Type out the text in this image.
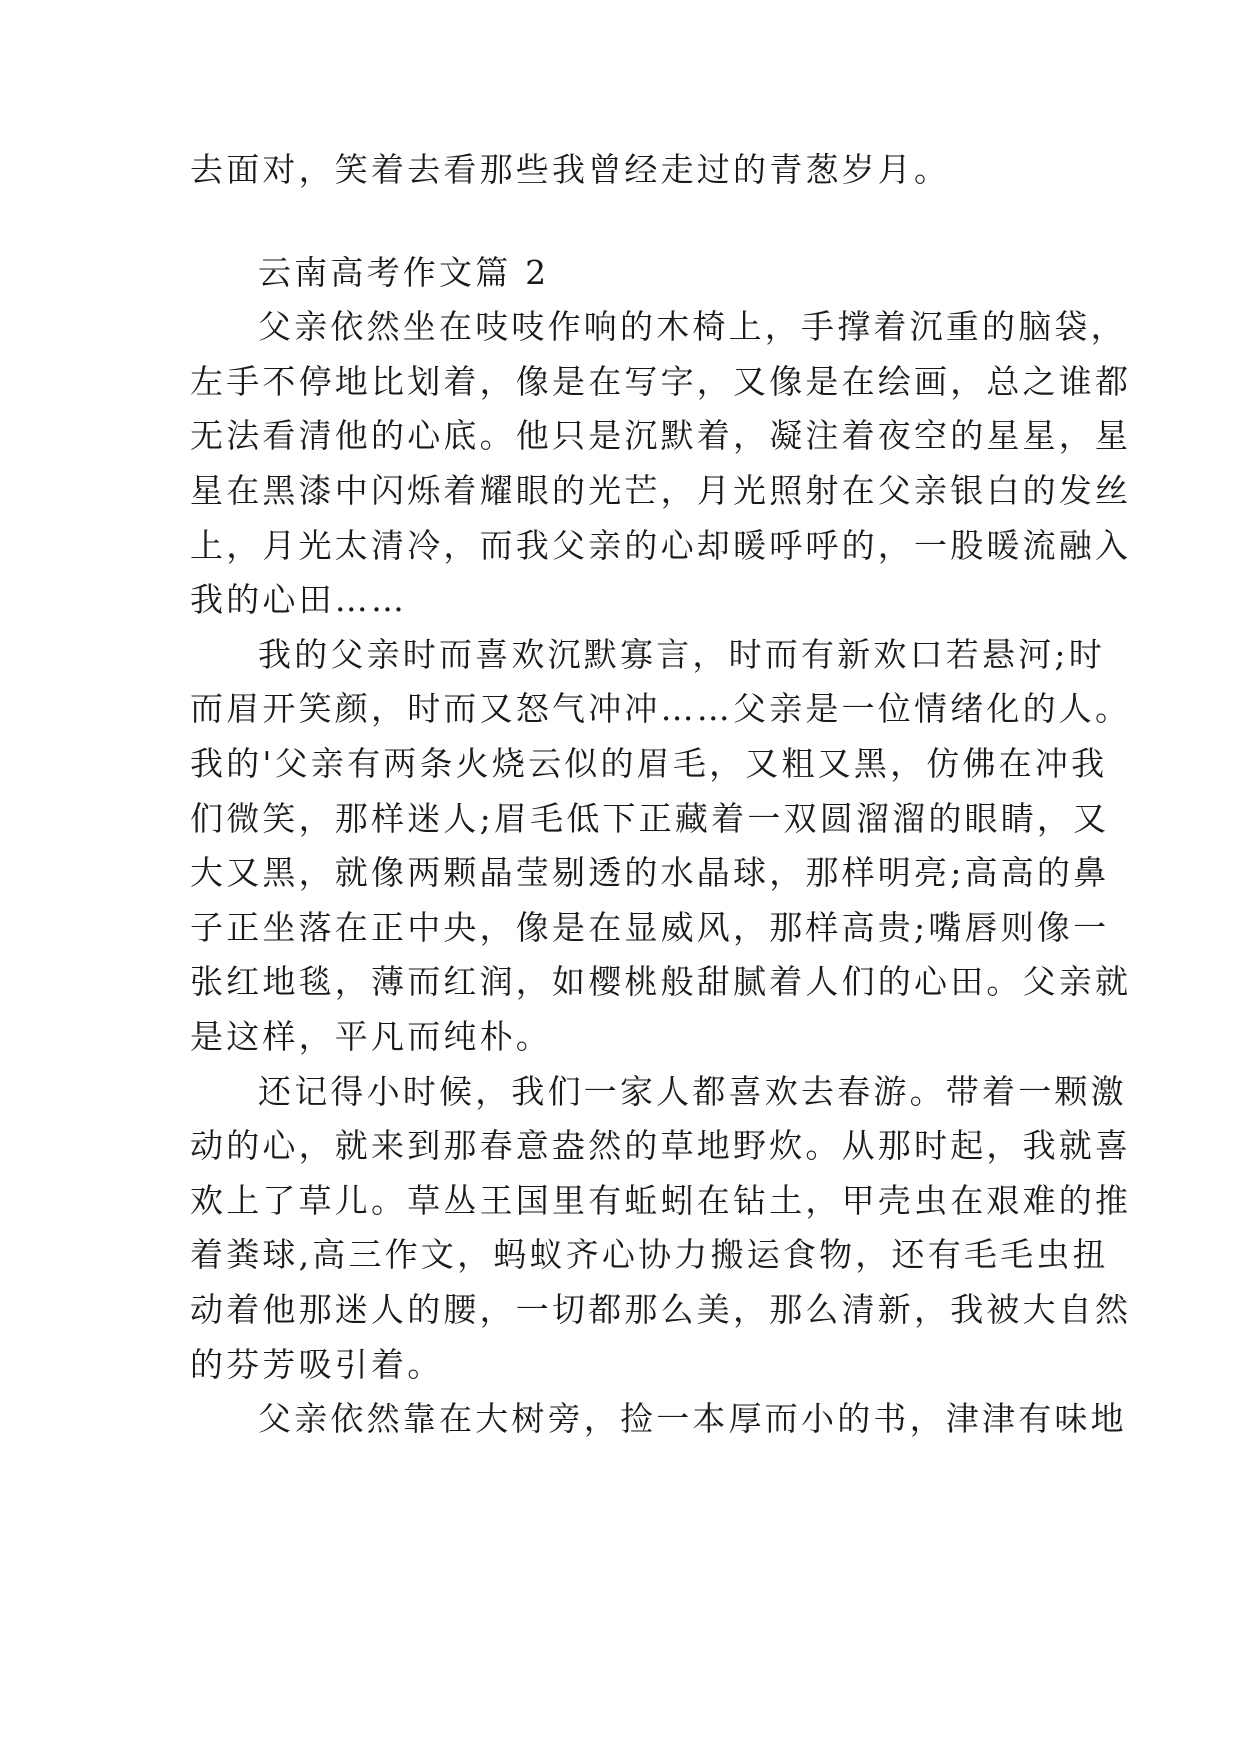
去面对，笑着去看那些我曾经走过的青葱岁月。
云南高考作文篇 2
父亲依然坐在吱吱作响的木椅上，手撑着沉重的脑袋，
左手不停地比划着，像是在写字，又像是在绘画，总之谁都
无法看清他的心底。他只是沉默着，凝注着夜空的星星，星
星在黑漆中闪烁着耀眼的光芒，月光照射在父亲银白的发丝
上，月光太清冷，而我父亲的心却暖呼呼的，一股暖流融入
我的心田……
我的父亲时而喜欢沉默寡言，时而有新欢口若悬河;时
而眉开笑颜，时而又怒气冲冲……父亲是一位情绪化的人。
我的'父亲有两条火烧云似的眉毛，又粗又黑，仿佛在冲我
们微笑，那样迷人;眉毛低下正藏着一双圆溜溜的眼睛，又
大又黑，就像两颗晶莹剔透的水晶球，那样明亮;高高的鼻
子正坐落在正中央，像是在显威风，那样高贵;嘴唇则像一
张红地毯，薄而红润，如樱桃般甜腻着人们的心田。父亲就
是这样，平凡而纯朴。
还记得小时候，我们一家人都喜欢去春游。带着一颗激
动的心，就来到那春意盎然的草地野炊。从那时起，我就喜
欢上了草儿。草丛王国里有蚯蚓在钻土，甲壳虫在艰难的推
着粪球,高三作文，蚂蚁齐心协力搬运食物，还有毛毛虫扭
动着他那迷人的腰，一切都那么美，那么清新，我被大自然
的芬芳吸引着。
父亲依然靠在大树旁，捡一本厚而小的书，津津有味地
